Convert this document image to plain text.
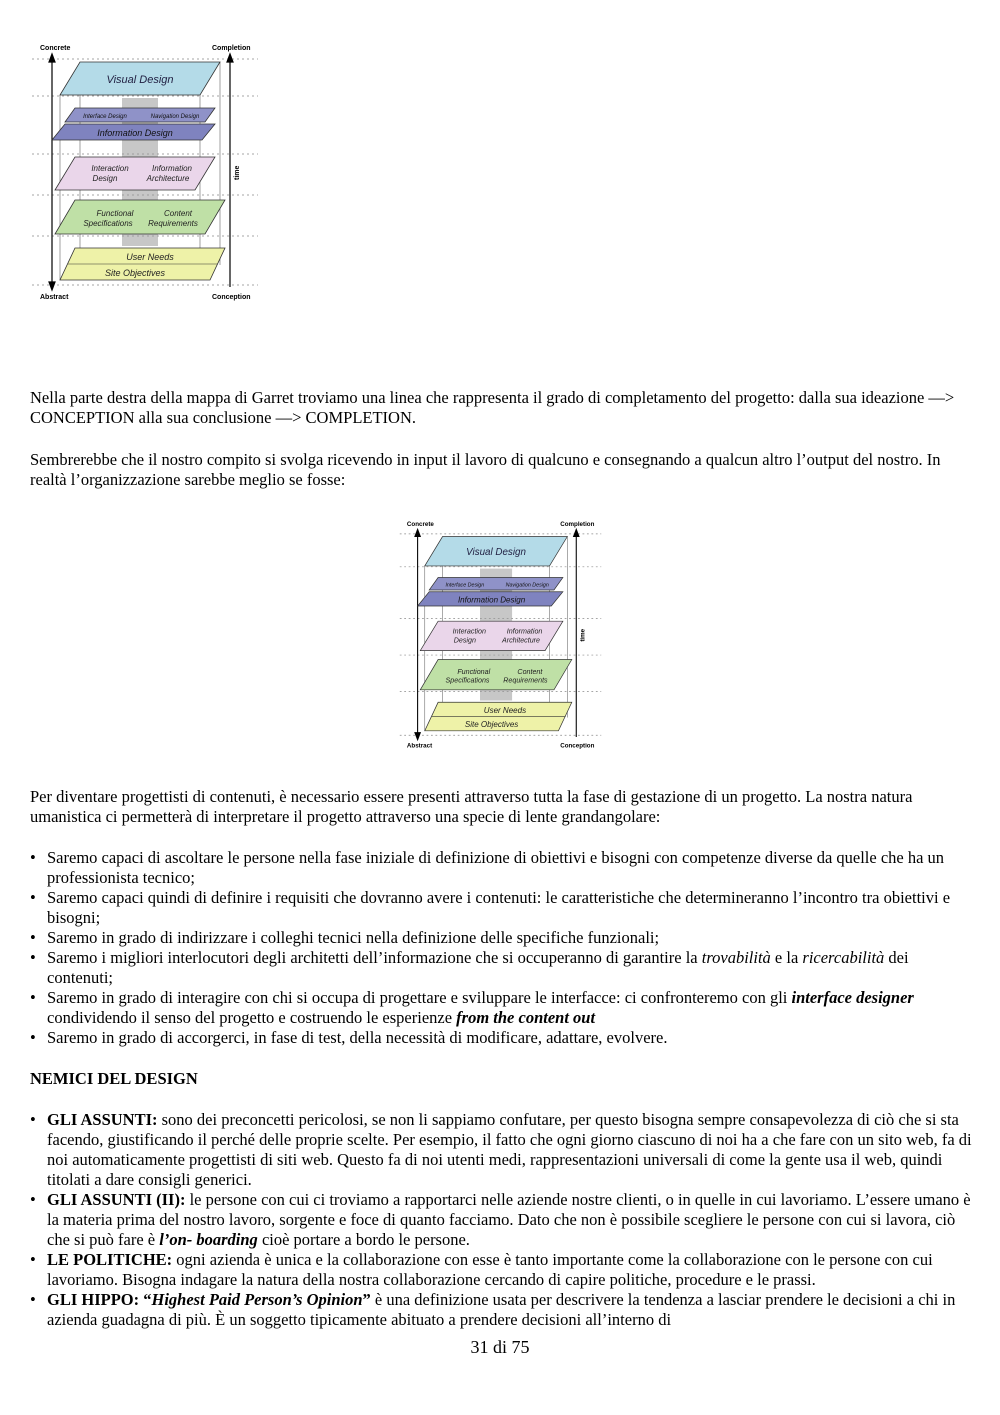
Concrete	Completion
Abstract	Conception
time
Visual Design
Interface Design	Navigation Design
Information Design
Interaction
Design
Information
Architecture
Functional
Specifications
Content
Requirements
User Needs
Site Objectives

Nella parte destra della mappa di Garret troviamo una linea che rappresenta il grado di completamento del progetto: dalla sua ideazione —> CONCEPTION alla sua conclusione —> COMPLETION.

Sembrerebbe che il nostro compito si svolga ricevendo in input il lavoro di qualcuno e consegnando a qualcun altro l’output del nostro. In realtà l’organizzazione sarebbe meglio se fosse:

Concrete	Completion
Abstract	Conception
time
Visual Design
Interface Design	Navigation Design
Information Design
Interaction
Design
Information
Architecture
Functional
Specifications
Content
Requirements
User Needs
Site Objectives

Per diventare progettisti di contenuti, è necessario essere presenti attraverso tutta la fase di gestazione di un progetto. La nostra natura umanistica ci permetterà di interpretare il progetto attraverso una specie di lente grandangolare:

• Saremo capaci di ascoltare le persone nella fase iniziale di definizione di obiettivi e bisogni con competenze diverse da quelle che ha un professionista tecnico;
• Saremo capaci quindi di definire i requisiti che dovranno avere i contenuti: le caratteristiche che determineranno l’incontro tra obiettivi e bisogni;
• Saremo in grado di indirizzare i colleghi tecnici nella definizione delle specifiche funzionali;
• Saremo i migliori interlocutori degli architetti dell’informazione che si occuperanno di garantire la trovabilità e la ricercabilità dei contenuti;
• Saremo in grado di interagire con chi si occupa di progettare e sviluppare le interfacce: ci confronteremo con gli interface designer condividendo il senso del progetto e costruendo le esperienze from the content out
• Saremo in grado di accorgerci, in fase di test, della necessità di modificare, adattare, evolvere.

NEMICI DEL DESIGN

• GLI ASSUNTI: sono dei preconcetti pericolosi, se non li sappiamo confutare, per questo bisogna sempre consapevolezza di ciò che si sta facendo, giustificando il perché delle proprie scelte. Per esempio, il fatto che ogni giorno ciascuno di noi ha a che fare con un sito web, fa di noi automaticamente progettisti di siti web. Questo fa di noi utenti medi, rappresentazioni universali di come la gente usa il web, quindi titolati a dare consigli generici.
• GLI ASSUNTI (II): le persone con cui ci troviamo a rapportarci nelle aziende nostre clienti, o in quelle in cui lavoriamo. L’essere umano è la materia prima del nostro lavoro, sorgente e foce di quanto facciamo. Dato che non è possibile scegliere le persone con cui si lavora, ciò che si può fare è l’on- boarding cioè portare a bordo le persone.
• LE POLITICHE: ogni azienda è unica e la collaborazione con esse è tanto importante come la collaborazione con le persone con cui lavoriamo. Bisogna indagare la natura della nostra collaborazione cercando di capire politiche, procedure e le prassi.
• GLI HIPPO: “Highest Paid Person’s Opinion” è una definizione usata per descrivere la tendenza a lasciar prendere le decisioni a chi in azienda guadagna di più. È un soggetto tipicamente abituato a prendere decisioni all’interno di
31 di 75
